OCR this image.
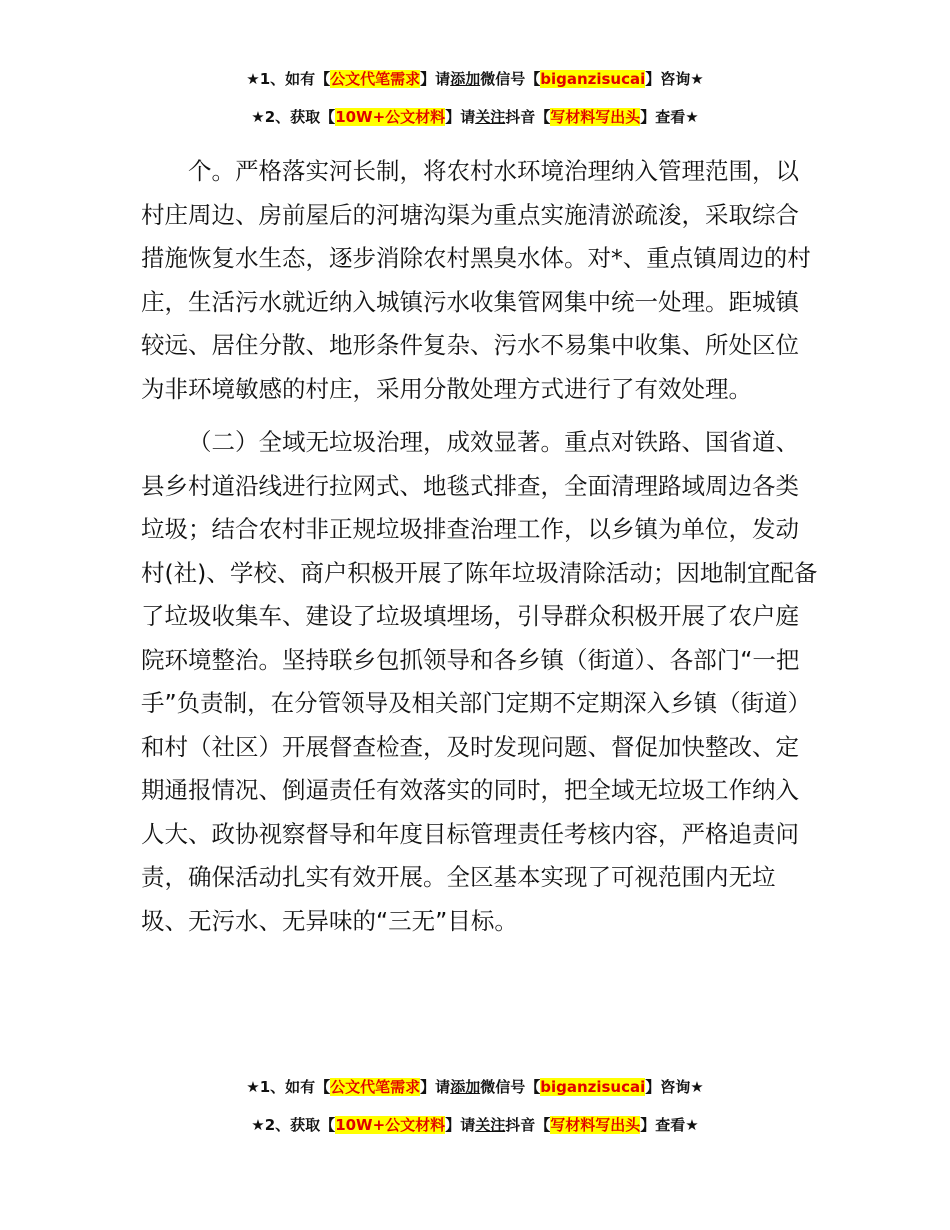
★1、如有【公文代笔需求】请添加微信号【biganzisucai】咨询★
★2、获取【10W+公文材料】请关注抖音【写材料写出头】查看★

个。严格落实河长制，将农村水环境治理纳入管理范围，以村庄周边、房前屋后的河塘沟渠为重点实施清淤疏浚，采取综合措施恢复水生态，逐步消除农村黑臭水体。对*、重点镇周边的村庄，生活污水就近纳入城镇污水收集管网集中统一处理。距城镇较远、居住分散、地形条件复杂、污水不易集中收集、所处区位为非环境敏感的村庄，采用分散处理方式进行了有效处理。

（二）全域无垃圾治理，成效显著。重点对铁路、国省道、县乡村道沿线进行拉网式、地毯式排查，全面清理路域周边各类垃圾；结合农村非正规垃圾排查治理工作，以乡镇为单位，发动村(社)、学校、商户积极开展了陈年垃圾清除活动；因地制宜配备了垃圾收集车、建设了垃圾填埋场，引导群众积极开展了农户庭院环境整治。坚持联乡包抓领导和各乡镇（街道）、各部门“一把手”负责制，在分管领导及相关部门定期不定期深入乡镇（街道）和村（社区）开展督查检查，及时发现问题、督促加快整改、定期通报情况、倒逼责任有效落实的同时，把全域无垃圾工作纳入人大、政协视察督导和年度目标管理责任考核内容，严格追责问责，确保活动扎实有效开展。全区基本实现了可视范围内无垃圾、无污水、无异味的“三无”目标。

★1、如有【公文代笔需求】请添加微信号【biganzisucai】咨询★
★2、获取【10W+公文材料】请关注抖音【写材料写出头】查看★
